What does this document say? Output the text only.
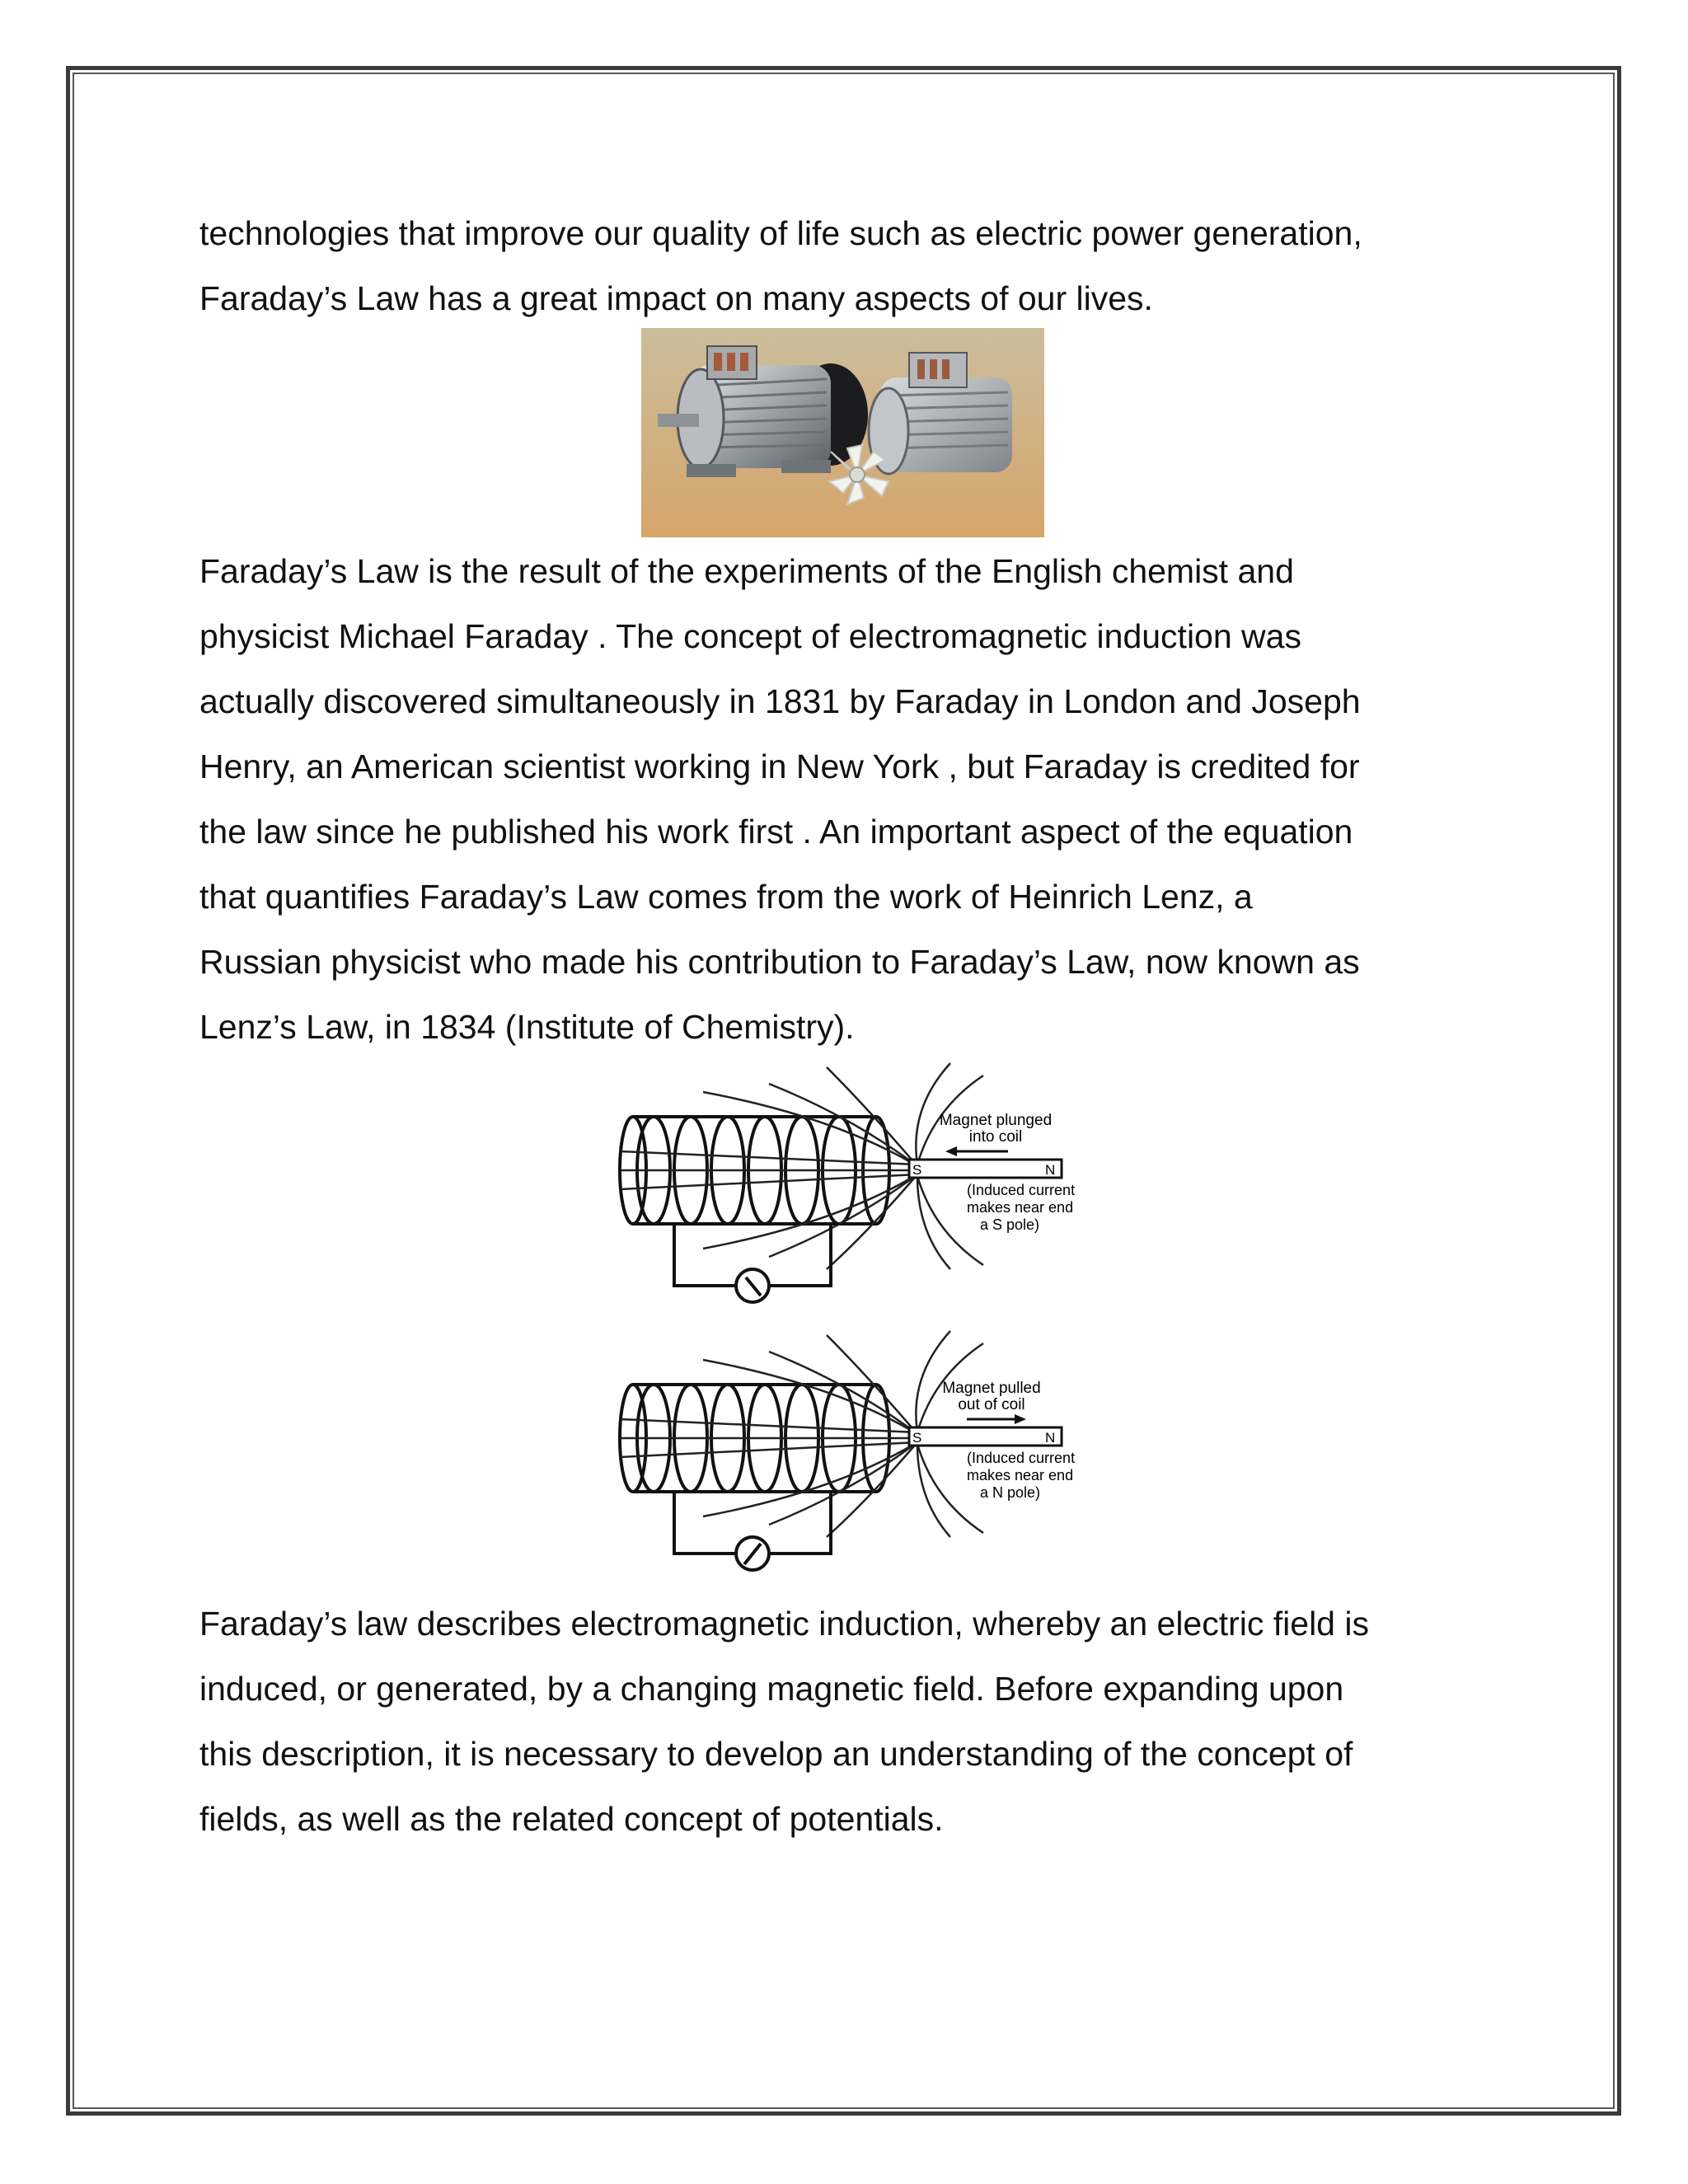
technologies that improve our quality of life such as electric power generation,
Faraday’s Law has a great impact on many aspects of our lives.
Faraday’s Law is the result of the experiments of the English chemist and
physicist Michael Faraday . The concept of electromagnetic induction was
actually discovered simultaneously in 1831 by Faraday in London and Joseph
Henry, an American scientist working in New York , but Faraday is credited for
the law since he published his work first . An important aspect of the equation
that quantifies Faraday’s Law comes from the work of Heinrich Lenz, a
Russian physicist who made his contribution to Faraday’s Law, now known as
Lenz’s Law, in 1834 (Institute of Chemistry).
S	N
Magnet plunged
into coil
(Induced current
makes near end
a S pole)
S	N
Magnet pulled
out of coil
(Induced current
makes near end
a N pole)
Faraday’s law describes electromagnetic induction, whereby an electric field is
induced, or generated, by a changing magnetic field. Before expanding upon
this description, it is necessary to develop an understanding of the concept of
fields, as well as the related concept of potentials.
